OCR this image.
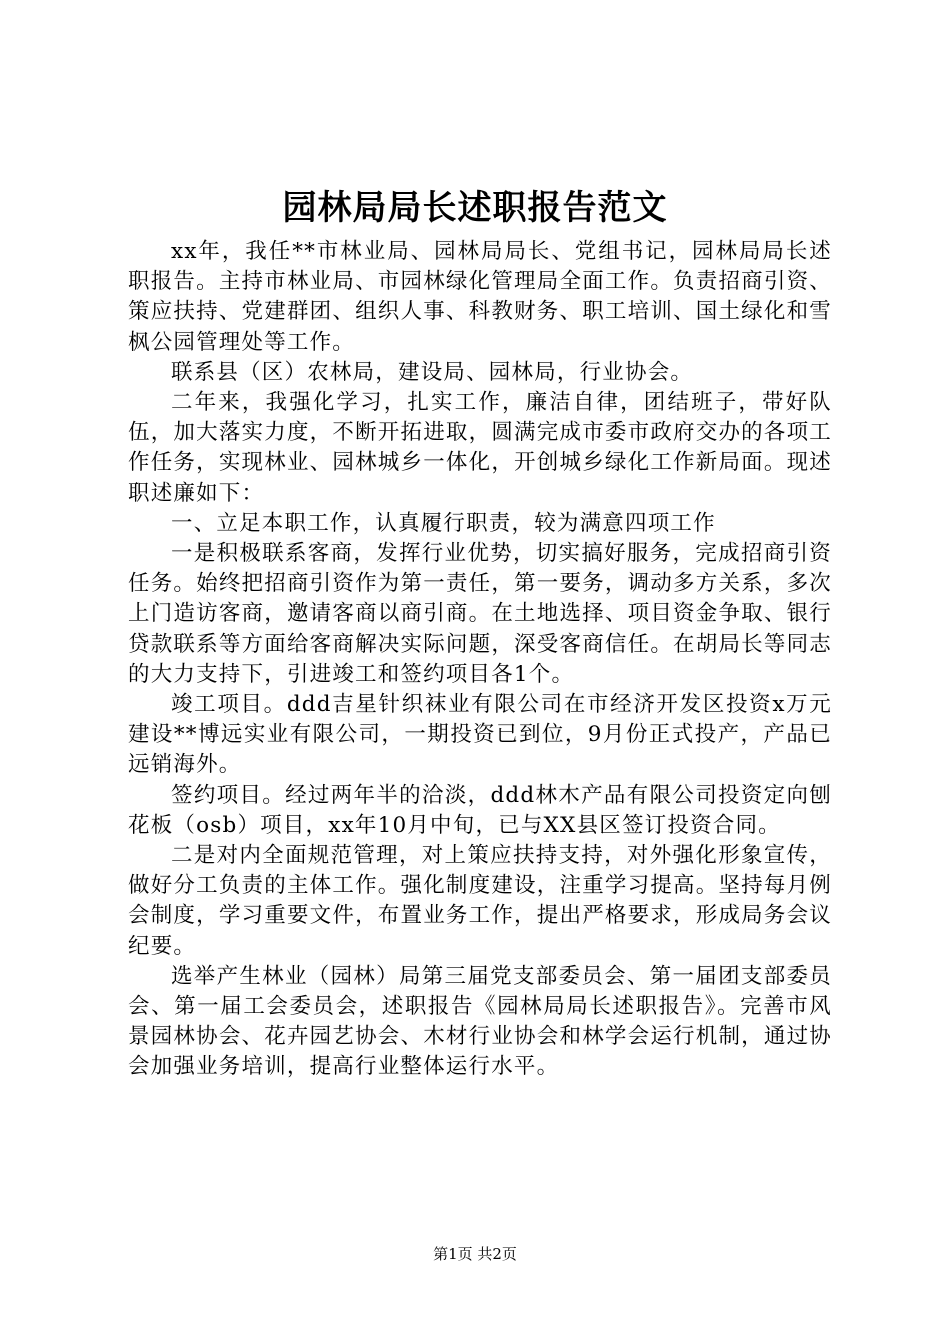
园林局局长述职报告范文

xx年，我任**市林业局、园林局局长、党组书记，园林局局长述职报告。主持市林业局、市园林绿化管理局全面工作。负责招商引资、策应扶持、党建群团、组织人事、科教财务、职工培训、国土绿化和雪枫公园管理处等工作。

联系县（区）农林局，建设局、园林局，行业协会。

二年来，我强化学习，扎实工作，廉洁自律，团结班子，带好队伍，加大落实力度，不断开拓进取，圆满完成市委市政府交办的各项工作任务，实现林业、园林城乡一体化，开创城乡绿化工作新局面。现述职述廉如下：

一、立足本职工作，认真履行职责，较为满意四项工作

一是积极联系客商，发挥行业优势，切实搞好服务，完成招商引资任务。始终把招商引资作为第一责任，第一要务，调动多方关系，多次上门造访客商，邀请客商以商引商。在土地选择、项目资金争取、银行贷款联系等方面给客商解决实际问题，深受客商信任。在胡局长等同志的大力支持下，引进竣工和签约项目各1个。

竣工项目。ddd吉星针织袜业有限公司在市经济开发区投资x万元建设**博远实业有限公司，一期投资已到位，9月份正式投产，产品已远销海外。

签约项目。经过两年半的洽淡，ddd林木产品有限公司投资定向刨花板（osb）项目，xx年10月中旬，已与XX县区签订投资合同。

二是对内全面规范管理，对上策应扶持支持，对外强化形象宣传，做好分工负责的主体工作。强化制度建设，注重学习提高。坚持每月例会制度，学习重要文件，布置业务工作，提出严格要求，形成局务会议纪要。

选举产生林业（园林）局第三届党支部委员会、第一届团支部委员会、第一届工会委员会，述职报告《园林局局长述职报告》。完善市风景园林协会、花卉园艺协会、木材行业协会和林学会运行机制，通过协会加强业务培训，提高行业整体运行水平。

第1页 共2页
